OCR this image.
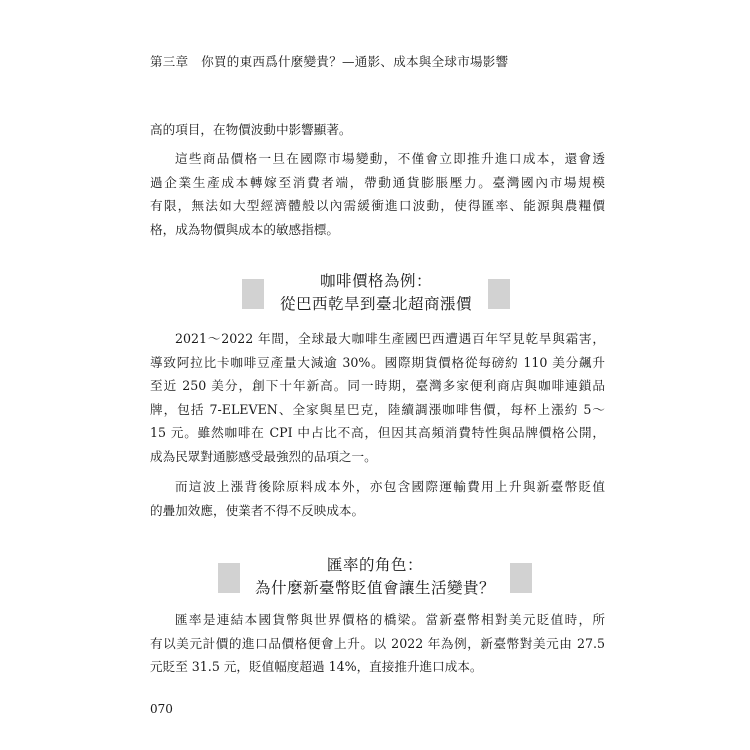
第三章　你買的東西爲什麼變貴？—通影、成本與全球市場影響
高的項目，在物價波動中影響顯著。
這些商品價格一旦在國際市場變動，不僅會立即推升進口成本，還會透
過企業生產成本轉嫁至消費者端，帶動通貨膨脹壓力。臺灣國內市場規模
有限，無法如大型經濟體般以內需緩衝進口波動，使得匯率、能源與農糧價
格，成為物價與成本的敏感指標。
咖啡價格為例：
從巴西乾旱到臺北超商漲價
2021～2022 年間，全球最大咖啡生產國巴西遭遇百年罕見乾旱與霜害，
導致阿拉比卡咖啡豆產量大減逾 30%。國際期貨價格從每磅約 110 美分飆升
至近 250 美分，創下十年新高。同一時期，臺灣多家便利商店與咖啡連鎖品
牌，包括 7-ELEVEN、全家與星巴克，陸續調漲咖啡售價，每杯上漲約 5～
15 元。雖然咖啡在 CPI 中占比不高，但因其高頻消費特性與品牌價格公開，
成為民眾對通膨感受最強烈的品項之一。
而這波上漲背後除原料成本外，亦包含國際運輸費用上升與新臺幣貶值
的疊加效應，使業者不得不反映成本。
匯率的角色：
為什麼新臺幣貶值會讓生活變貴？
匯率是連結本國貨幣與世界價格的橋梁。當新臺幣相對美元貶值時，所
有以美元計價的進口品價格便會上升。以 2022 年為例，新臺幣對美元由 27.5
元貶至 31.5 元，貶值幅度超過 14%，直接推升進口成本。
070
